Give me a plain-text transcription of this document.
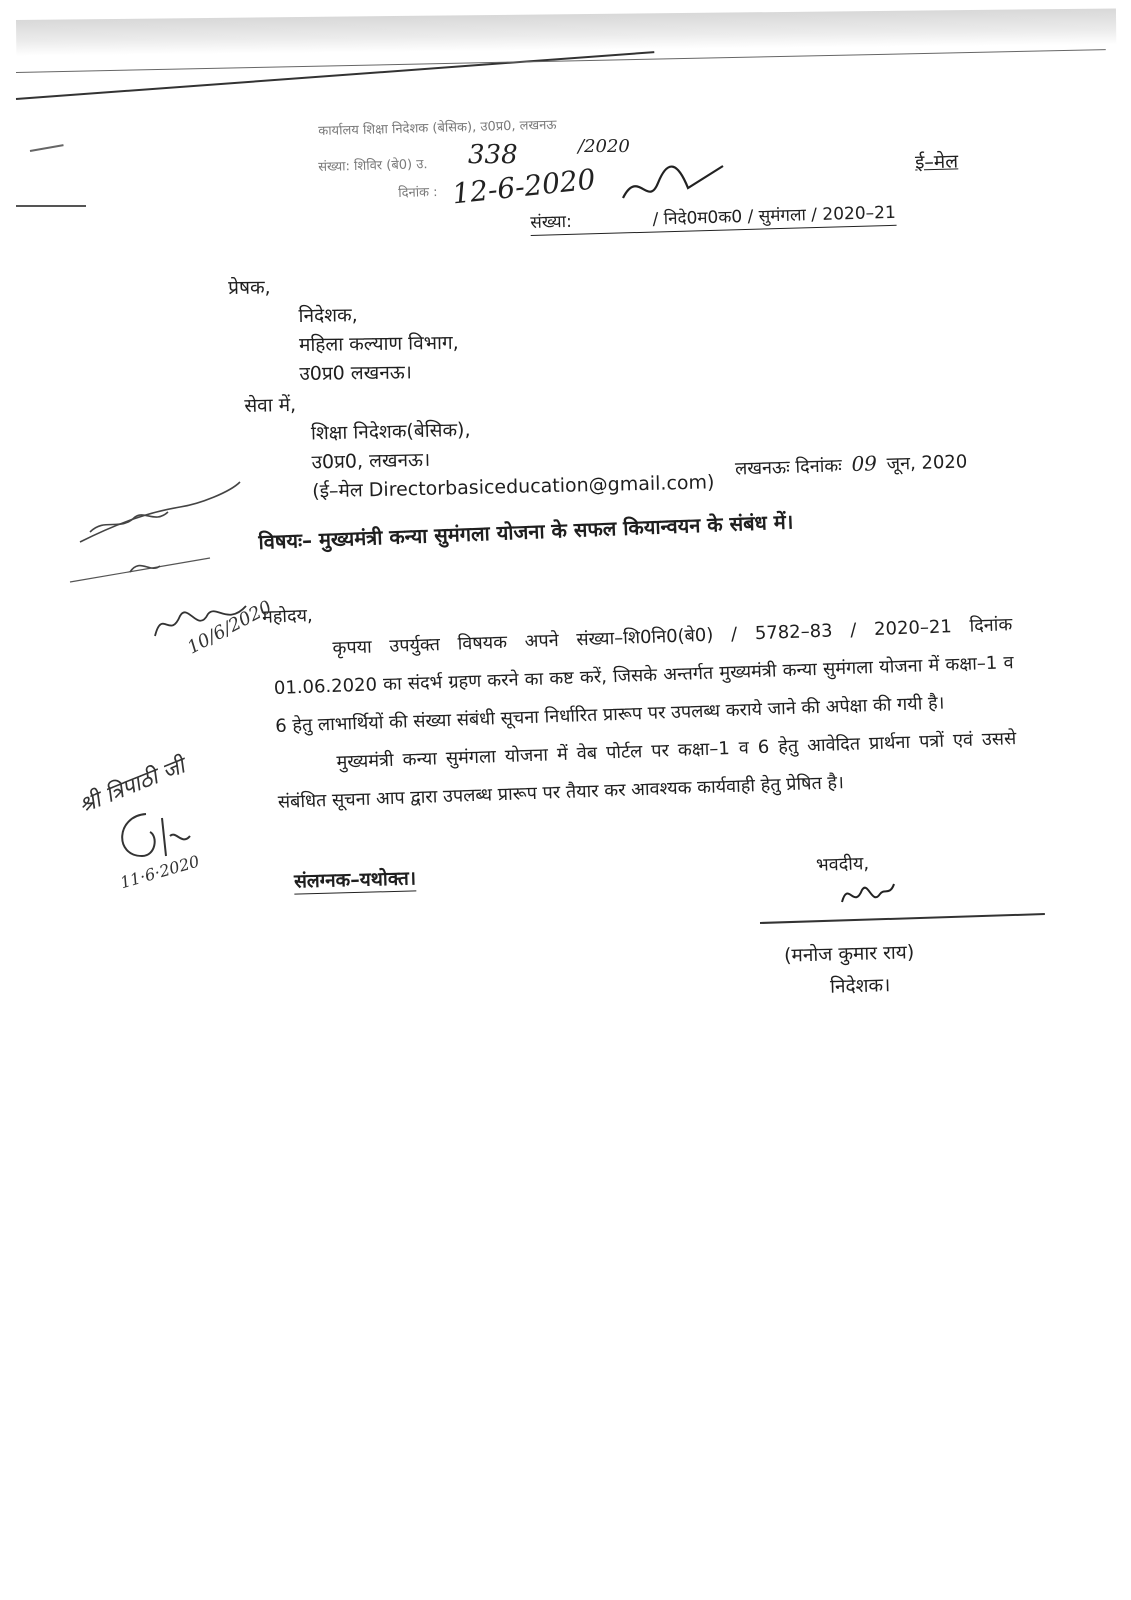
कार्यालय शिक्षा निदेशक (बेसिक), उ0प्र0, लखनऊ
संख्या: शिविर (बे0) उ. 338	/2020
दिनांक : 12-6-2020
ई–मेल
संख्या:	/ निदे0म0क0 / सुमंगला / 2020–21
प्रेषक,
निदेशक,
महिला कल्याण विभाग,
उ0प्र0 लखनऊ।
सेवा में,
शिक्षा निदेशक(बेसिक),
उ0प्र0, लखनऊ।
(ई–मेल Directorbasiceducation@gmail.com)
लखनऊः दिनांकः 09 जून, 2020
विषयः– मुख्यमंत्री कन्या सुमंगला योजना के सफल कियान्वयन के संबंध में।
महोदय,	कृपया उपर्युक्त विषयक अपने संख्या–शि0नि0(बे0) / 5782–83 / 2020–21 दिनांक 01.06.2020 का संदर्भ ग्रहण करने का कष्ट करें, जिसके अन्तर्गत मुख्यमंत्री कन्या सुमंगला योजना में कक्षा–1 व 6 हेतु लाभार्थियों की संख्या संबंधी सूचना निर्धारित प्रारूप पर उपलब्ध कराये जाने की अपेक्षा की गयी है।

मुख्यमंत्री कन्या सुमंगला योजना में वेब पोर्टल पर कक्षा–1 व 6 हेतु आवेदित प्रार्थना पत्रों एवं उससे संबंधित सूचना आप द्वारा उपलब्ध प्रारूप पर तैयार कर आवश्यक कार्यवाही हेतु प्रेषित है।

संलग्नक–यथोक्त।
भवदीय,
(मनोज कुमार राय)
निदेशक।
10/6/2020
श्री त्रिपाठी जी
11·6·2020
